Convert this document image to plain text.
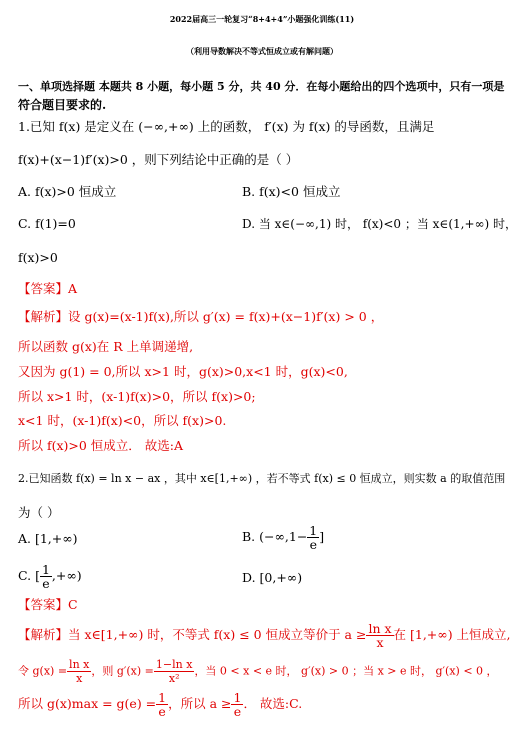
2022届高三一轮复习“8+4+4”小题强化训练(11)
（利用导数解决不等式恒成立或有解问题）
一、单项选择题 本题共 8 小题，每小题 5 分，共 40 分．在每小题给出的四个选项中，只有一项是
符合题目要求的.
1.已知 f(x) 是定义在 (−∞,+∞) 上的函数， f′(x) 为 f(x) 的导函数，且满足
f(x)+(x−1)f′(x)>0 ，则下列结论中正确的是（ ）
A. f(x)>0 恒成立	B. f(x)<0 恒成立
C. f(1)=0	D. 当 x∈(−∞,1) 时， f(x)<0 ；当 x∈(1,+∞) 时，
f(x)>0
【答案】A
【解析】设 g(x)=(x-1)f(x),所以 g′(x) = f(x)+(x−1)f′(x) > 0 ，
所以函数 g(x)在 R 上单调递增,
又因为 g(1) = 0,所以 x>1 时，g(x)>0,x<1 时，g(x)<0,
所以 x>1 时，(x-1)f(x)>0，所以 f(x)>0;
x<1 时，(x-1)f(x)<0，所以 f(x)>0.
所以 f(x)>0 恒成立． 故选:A
2.已知函数 f(x) = ln x − ax ，其中 x∈[1,+∞) ，若不等式 f(x) ≤ 0 恒成立，则实数 a 的取值范围
为（ ）
A. [1,+∞)	B. ($-\infty,1- \frac{1}{e}$ ]
C. [ $\frac{1}{e}$ ,+∞)	D. [0,+∞)
【答案】C
【解析】当 x∈[1,+∞) 时，不等式 f(x) ≤ 0 恒成立等价于 $a \ge \frac{\text{ln x}}{x}$ 在 [1,+∞) 上恒成立,
令 $g(x) = \frac{\text{ln x}}{x}$ ，则 $g'(x) = \frac{\text{1−ln x}}{\text{x²}}$ ，当 0 < x < e 时， g′(x) > 0 ；当 x > e 时， g′(x) < 0 ，
所以 $g(x)\max = g(e) = \frac{1}{e}$ ，所以 $a \ge \frac{1}{e}$ ． 故选:C.
